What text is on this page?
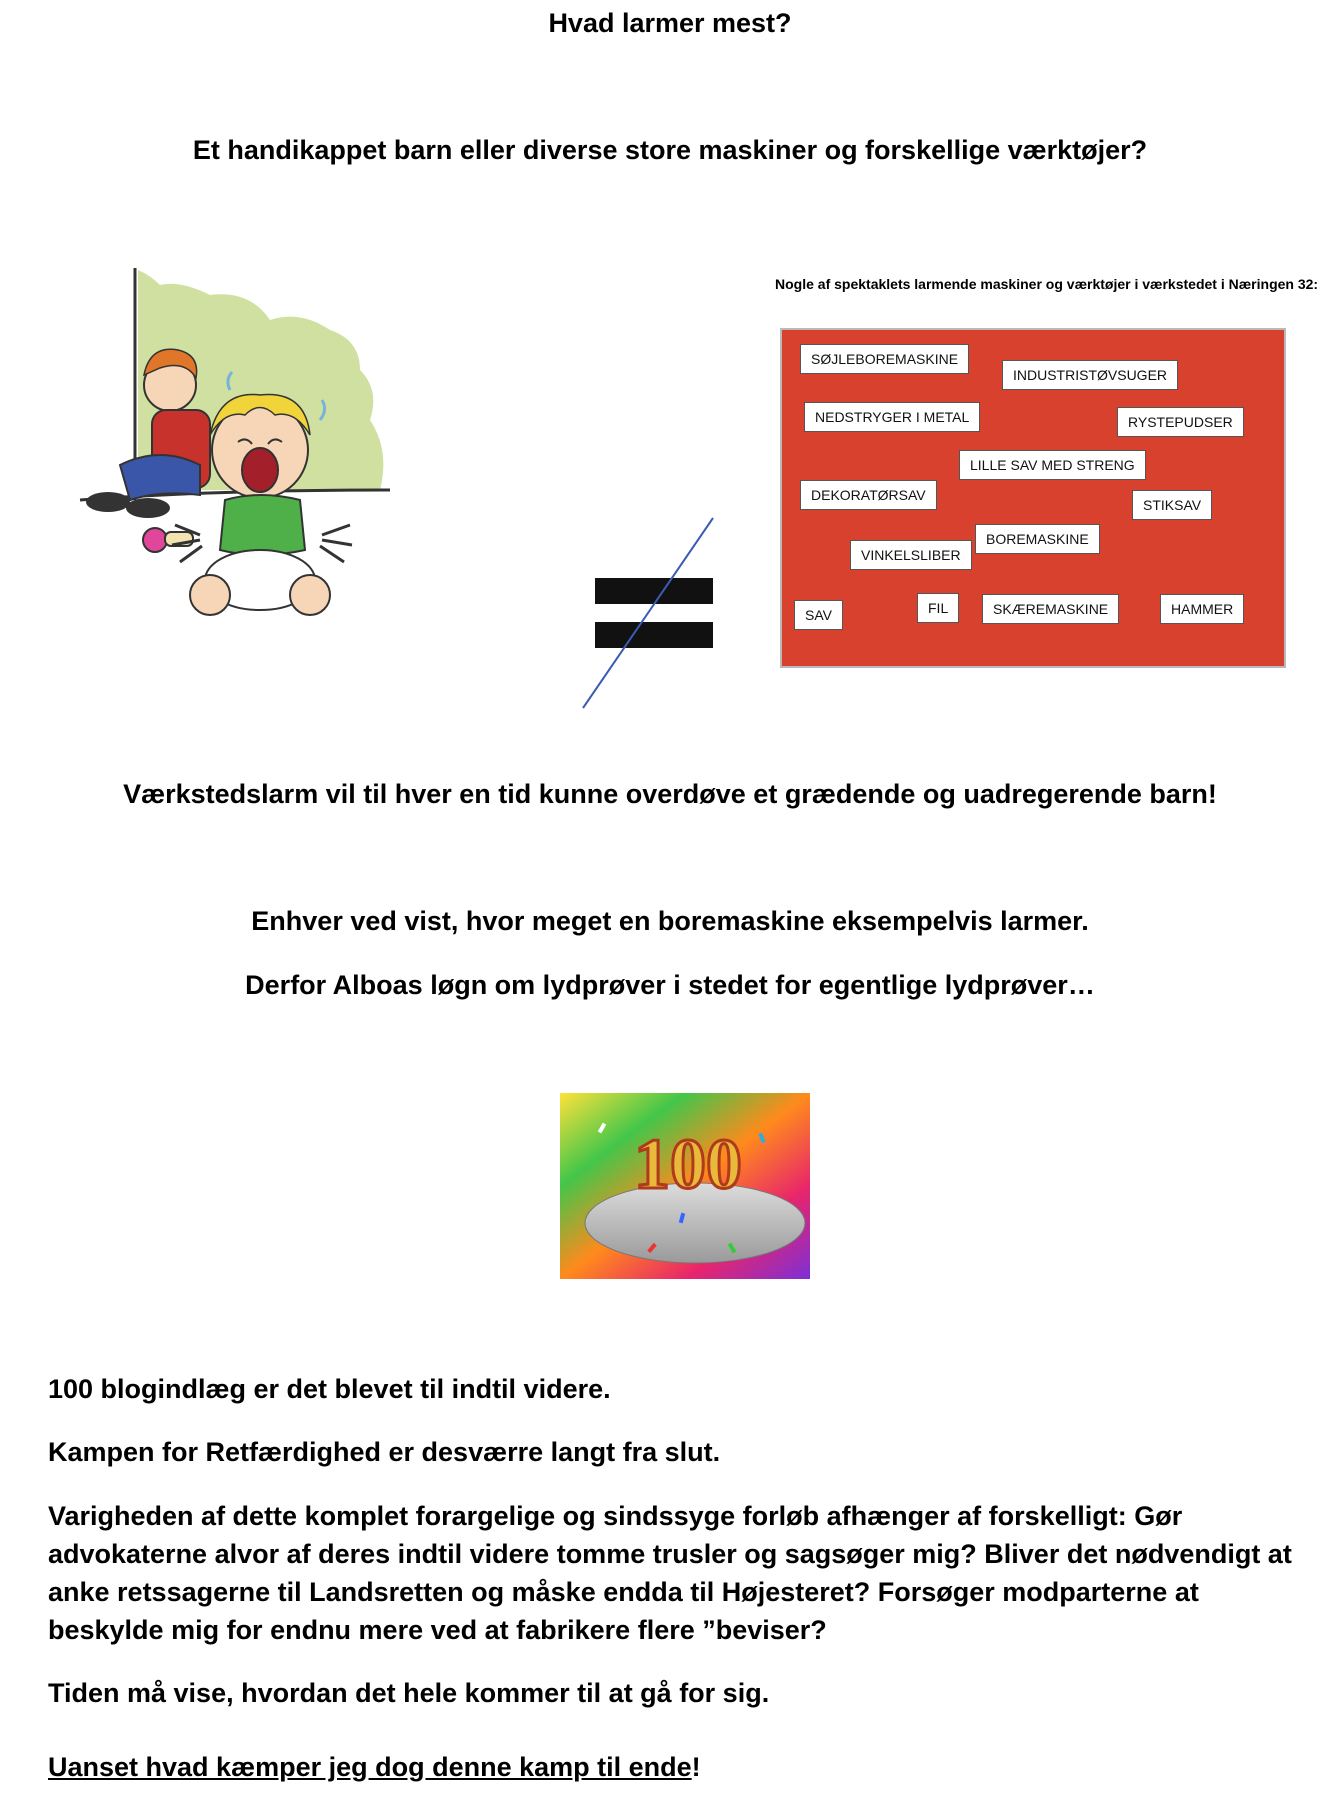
Hvad larmer mest?
Et handikappet barn eller diverse store maskiner og forskellige værktøjer?
Nogle af spektaklets larmende maskiner og værktøjer i værkstedet i Næringen 32:
SØJLEBOREMASKINE
INDUSTRISTØVSUGER
NEDSTRYGER I METAL	RYSTEPUDSER
LILLE SAV MED STRENG
DEKORATØRSAV
STIKSAV
BOREMASKINE
VINKELSLIBER
SAV	FIL	SKÆREMASKINE	HAMMER
Værkstedslarm vil til hver en tid kunne overdøve et grædende og uadregerende barn!
Enhver ved vist, hvor meget en boremaskine eksempelvis larmer.
Derfor Alboas løgn om lydprøver i stedet for egentlige lydprøver…
100
100 blogindlæg er det blevet til indtil videre.
Kampen for Retfærdighed er desværre langt fra slut.
Varigheden af dette komplet forargelige og sindssyge forløb afhænger af forskelligt: Gør advokaterne alvor af deres indtil videre tomme trusler og sagsøger mig? Bliver det nødvendigt at anke retssagerne til Landsretten og måske endda til Højesteret? Forsøger modparterne at beskylde mig for endnu mere ved at fabrikere flere ”beviser?
Tiden må vise, hvordan det hele kommer til at gå for sig.
Uanset hvad kæmper jeg dog denne kamp til ende!
